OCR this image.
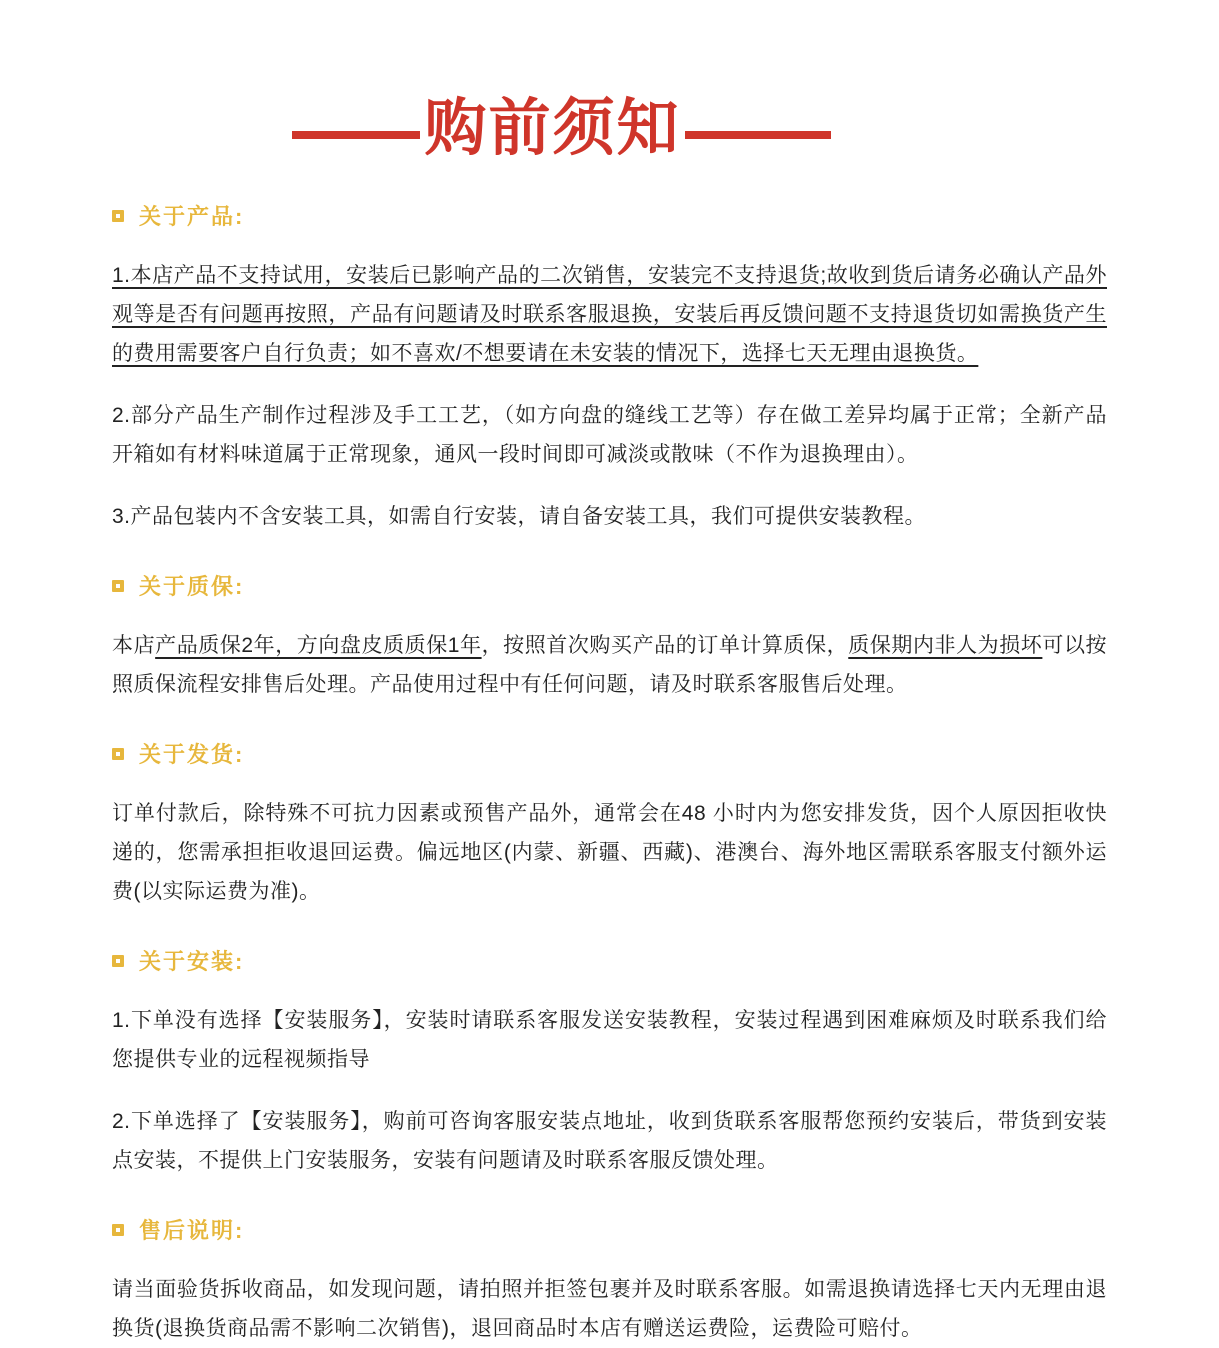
购前须知
关于产品:

1.本店产品不支持试用，安装后已影响产品的二次销售，安装完不支持退货;故收到货后请务必确认产品外观等是否有问题再按照，产品有问题请及时联系客服退换，安装后再反馈问题不支持退货切如需换货产生的费用需要客户自行负责；如不喜欢/不想要请在未安装的情况下，选择七天无理由退换货。

2.部分产品生产制作过程涉及手工工艺，（如方向盘的缝线工艺等）存在做工差异均属于正常；全新产品开箱如有材料味道属于正常现象，通风一段时间即可减淡或散味（不作为退换理由）。

3.产品包装内不含安装工具，如需自行安装，请自备安装工具，我们可提供安装教程。

关于质保:

本店产品质保2年，方向盘皮质质保1年，按照首次购买产品的订单计算质保，质保期内非人为损坏可以按照质保流程安排售后处理。产品使用过程中有任何问题，请及时联系客服售后处理。

关于发货:

订单付款后，除特殊不可抗力因素或预售产品外，通常会在48 小时内为您安排发货，因个人原因拒收快递的，您需承担拒收退回运费。偏远地区(内蒙、新疆、西藏)、港澳台、海外地区需联系客服支付额外运费(以实际运费为准)。

关于安装:

1.下单没有选择【安装服务】，安装时请联系客服发送安装教程，安装过程遇到困难麻烦及时联系我们给您提供专业的远程视频指导

2.下单选择了【安装服务】，购前可咨询客服安装点地址，收到货联系客服帮您预约安装后，带货到安装点安装，不提供上门安装服务，安装有问题请及时联系客服反馈处理。

售后说明:

请当面验货拆收商品，如发现问题，请拍照并拒签包裹并及时联系客服。如需退换请选择七天内无理由退换货(退换货商品需不影响二次销售)，退回商品时本店有赠送运费险，运费险可赔付。
